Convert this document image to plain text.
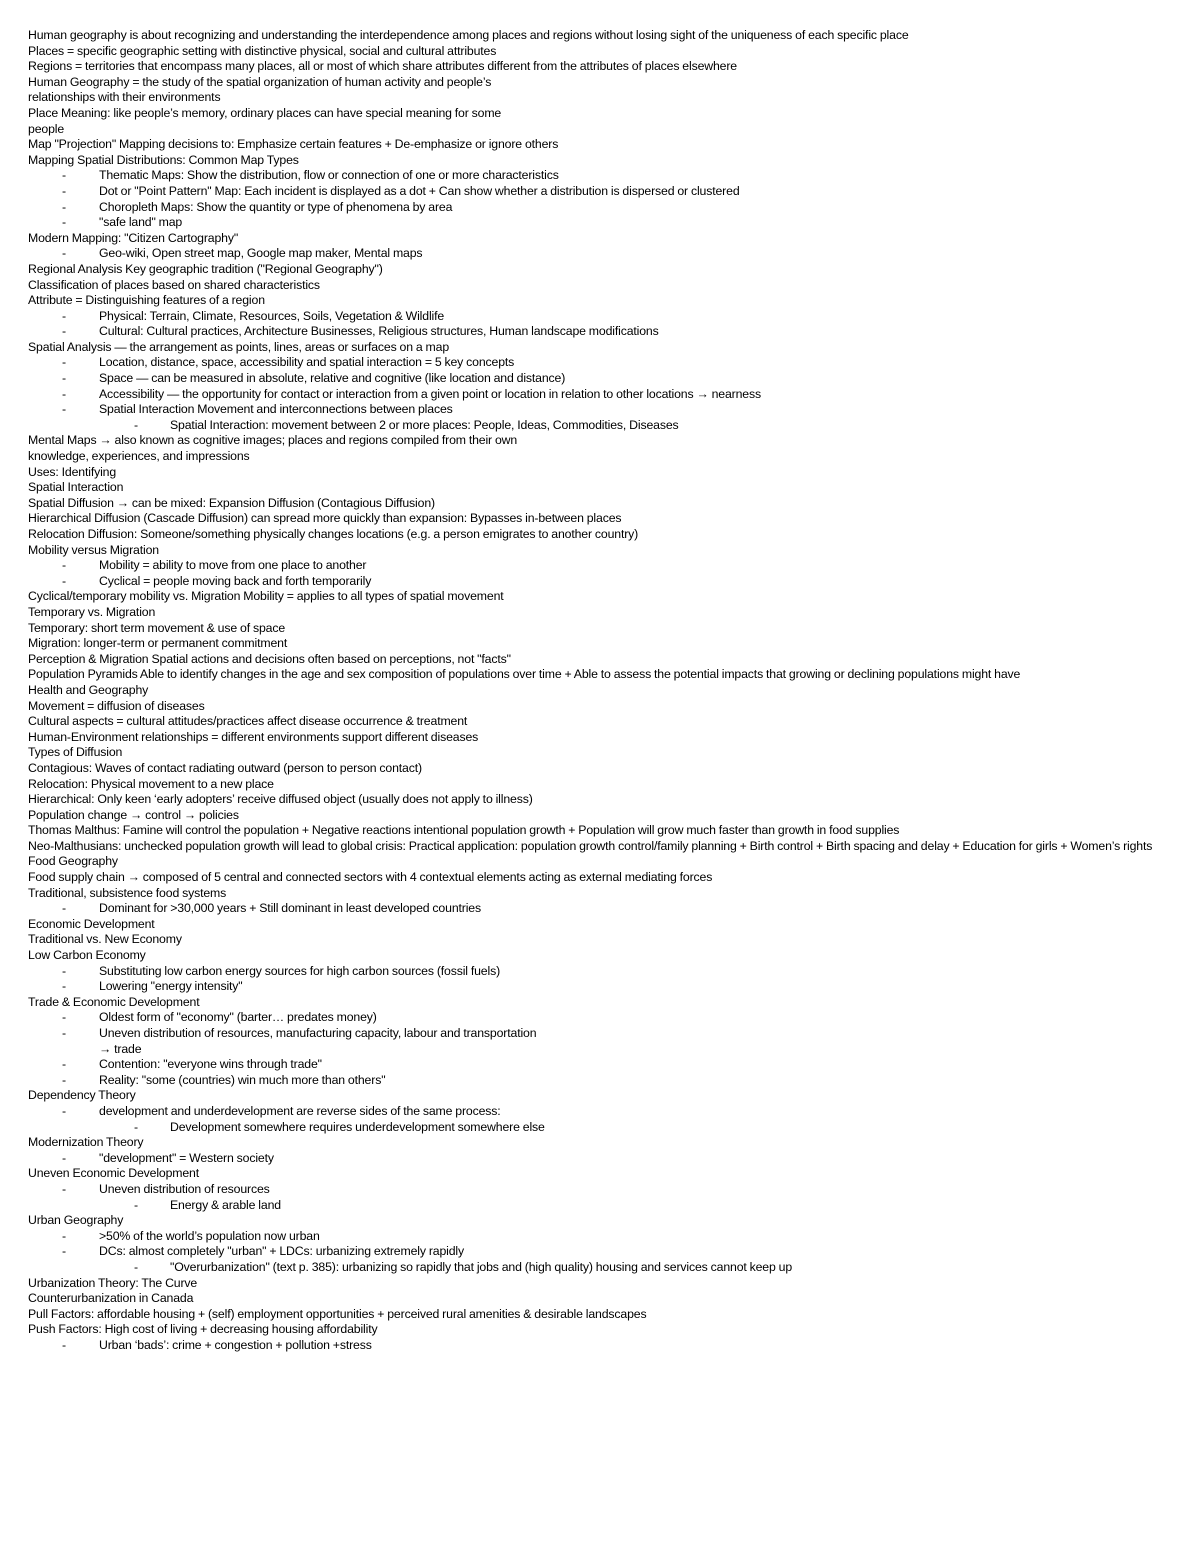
Human geography is about recognizing and understanding the interdependence among places and regions without losing sight of the uniqueness of each specific place
Places = specific geographic setting with distinctive physical, social and cultural attributes
Regions = territories that encompass many places, all or most of which share attributes different from the attributes of places elsewhere
Human Geography = the study of the spatial organization of human activity and people’s
relationships with their environments
Place Meaning: like people’s memory, ordinary places can have special meaning for some
people
Map "Projection" Mapping decisions to: Emphasize certain features + De-emphasize or ignore others
Mapping Spatial Distributions: Common Map Types
-	Thematic Maps: Show the distribution, flow or connection of one or more characteristics
-	Dot or "Point Pattern" Map: Each incident is displayed as a dot + Can show whether a distribution is dispersed or clustered
-	Choropleth Maps: Show the quantity or type of phenomena by area
-	"safe land" map
Modern Mapping: "Citizen Cartography"
-	Geo-wiki, Open street map, Google map maker, Mental maps
Regional Analysis Key geographic tradition ("Regional Geography")
Classification of places based on shared characteristics
Attribute = Distinguishing features of a region
-	Physical: Terrain, Climate, Resources, Soils, Vegetation & Wildlife
-	Cultural: Cultural practices, Architecture Businesses, Religious structures, Human landscape modifications
Spatial Analysis — the arrangement as points, lines, areas or surfaces on a map
-	Location, distance, space, accessibility and spatial interaction = 5 key concepts
-	Space — can be measured in absolute, relative and cognitive (like location and distance)
-	Accessibility — the opportunity for contact or interaction from a given point or location in relation to other locations → nearness
-	Spatial Interaction Movement and interconnections between places
-	Spatial Interaction: movement between 2 or more places: People, Ideas, Commodities, Diseases
Mental Maps → also known as cognitive images; places and regions compiled from their own
knowledge, experiences, and impressions
Uses: Identifying
Spatial Interaction
Spatial Diffusion → can be mixed: Expansion Diffusion (Contagious Diffusion)
Hierarchical Diffusion (Cascade Diffusion) can spread more quickly than expansion: Bypasses in-between places
Relocation Diffusion: Someone/something physically changes locations (e.g. a person emigrates to another country)
Mobility versus Migration
-	Mobility = ability to move from one place to another
-	Cyclical = people moving back and forth temporarily
Cyclical/temporary mobility vs. Migration Mobility = applies to all types of spatial movement
Temporary vs. Migration
Temporary: short term movement & use of space
Migration: longer-term or permanent commitment
Perception & Migration Spatial actions and decisions often based on perceptions, not "facts"
Population Pyramids Able to identify changes in the age and sex composition of populations over time + Able to assess the potential impacts that growing or declining populations might have
Health and Geography
Movement = diffusion of diseases
Cultural aspects = cultural attitudes/practices affect disease occurrence & treatment
Human-Environment relationships = different environments support different diseases
Types of Diffusion
Contagious: Waves of contact radiating outward (person to person contact)
Relocation: Physical movement to a new place
Hierarchical: Only keen ‘early adopters’ receive diffused object (usually does not apply to illness)
Population change → control → policies
Thomas Malthus: Famine will control the population + Negative reactions intentional population growth + Population will grow much faster than growth in food supplies
Neo-Malthusians: unchecked population growth will lead to global crisis: Practical application: population growth control/family planning + Birth control + Birth spacing and delay + Education for girls + Women’s rights
Food Geography
Food supply chain → composed of 5 central and connected sectors with 4 contextual elements acting as external mediating forces
Traditional, subsistence food systems
-	Dominant for >30,000 years + Still dominant in least developed countries
Economic Development
Traditional vs. New Economy
Low Carbon Economy
-	Substituting low carbon energy sources for high carbon sources (fossil fuels)
-	Lowering "energy intensity"
Trade & Economic Development
-	Oldest form of "economy" (barter… predates money)
-	Uneven distribution of resources, manufacturing capacity, labour and transportation
→ trade
-	Contention: "everyone wins through trade"
-	Reality: "some (countries) win much more than others"
Dependency Theory
-	development and underdevelopment are reverse sides of the same process:
-	Development somewhere requires underdevelopment somewhere else
Modernization Theory
-	"development" = Western society
Uneven Economic Development
-	Uneven distribution of resources
-	Energy & arable land
Urban Geography
-	>50% of the world’s population now urban
-	DCs: almost completely "urban" + LDCs: urbanizing extremely rapidly
-	"Overurbanization" (text p. 385): urbanizing so rapidly that jobs and (high quality) housing and services cannot keep up
Urbanization Theory: The Curve
Counterurbanization in Canada
Pull Factors: affordable housing + (self) employment opportunities + perceived rural amenities & desirable landscapes
Push Factors: High cost of living + decreasing housing affordability
-	Urban ‘bads’: crime + congestion + pollution +stress
